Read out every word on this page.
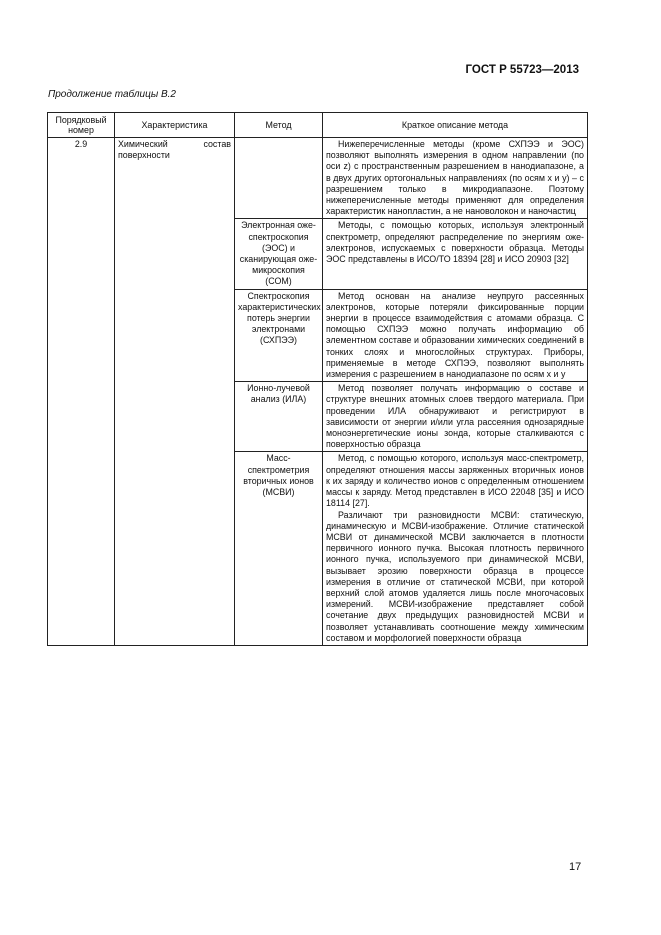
ГОСТ Р 55723—2013
Продолжение таблицы В.2
Порядковый номер	Характеристика	Метод	Краткое описание метода
2.9	Химический состав поверхности		Нижеперечисленные методы (кроме СХПЭЭ и ЭОС) позволяют выполнять измерения в одном направлении (по оси z) с пространственным разрешением в нанодиапазоне, а в двух других ортогональных направлениях (по осям x и y) – с разрешением только в микродиапазоне. Поэтому нижеперечисленные методы применяют для определения характеристик нанопластин, а не нановолокон и наночастиц

		Электронная оже-спектроскопия (ЭОС) и сканирующая оже-микроскопия (СОМ)	Методы, с помощью которых, используя электронный спектрометр, определяют распределение по энергиям оже-электронов, испускаемых с поверхности образца. Методы ЭОС представлены в ИСО/ТО 18394 [28] и ИСО 20903 [32]

		Спектроскопия характеристических потерь энергии электронами (СХПЭЭ)	Метод основан на анализе неупруго рассеянных электронов, которые потеряли фиксированные порции энергии в процессе взаимодействия с атомами образца. С помощью СХПЭЭ можно получать информацию об элементном составе и образовании химических соединений в тонких слоях и многослойных структурах. Приборы, применяемые в методе СХПЭЭ, позволяют выполнять измерения с разрешением в нанодиапазоне по осям x и y

		Ионно-лучевой анализ (ИЛА)	Метод позволяет получать информацию о составе и структуре внешних атомных слоев твердого материала. При проведении ИЛА обнаруживают и регистрируют в зависимости от энергии и/или угла рассеяния однозарядные моноэнергетические ионы зонда, которые сталкиваются с поверхностью образца

		Масс-спектрометрия вторичных ионов (МСВИ)	Метод, с помощью которого, используя масс-спектрометр, определяют отношения массы заряженных вторичных ионов к их заряду и количество ионов с определенным отношением массы к заряду. Метод представлен в ИСО 22048 [35] и ИСО 18114 [27].

Различают три разновидности МСВИ: статическую, динамическую и МСВИ-изображение. Отличие статической МСВИ от динамической МСВИ заключается в плотности первичного ионного пучка. Высокая плотность первичного ионного пучка, используемого при динамической МСВИ, вызывает эрозию поверхности образца в процессе измерения в отличие от статической МСВИ, при которой верхний слой атомов удаляется лишь после многочасовых измерений. МСВИ-изображение представляет собой сочетание двух предыдущих разновидностей МСВИ и позволяет устанавливать соотношение между химическим составом и морфологией поверхности образца

17
